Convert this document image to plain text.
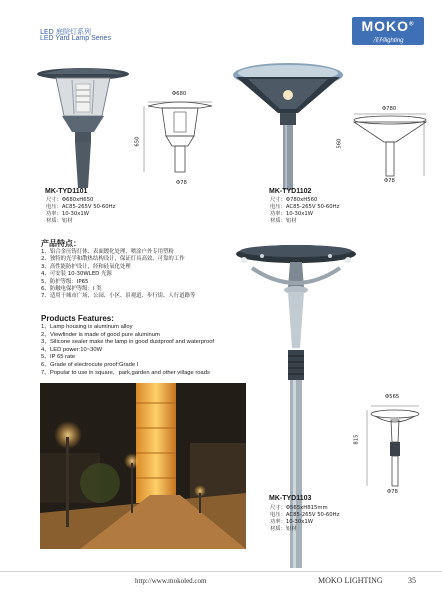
LED 庭院灯系列
LED Yard Lamp Series
MOKO®
茂科lighting
Φ680
650
Φ78
Φ780
560
Φ78
MK-TYD1101
尺寸：Φ680xH650
电压：AC85-265V 50-60Hz
功率：10-30x1W
材质：铝材
MK-TYD1102
尺寸：Φ780xH560
电压：AC85-265V 50-60Hz
功率：10-30x1W
材质：铝材
产品特点：
1、铝合金压铸灯体、表面镀化处理、喷涂户外专用塑粉
2、独特的光学和散热结构设计，保证灯具高效、可靠的工作
3、高性能防护设计，经和硅氧化处理
4、可安装 10-30WLED 光源
5、防护等级：IP65
6、防触电保护等级：I 类
7、适用于城市广场、公园、小区、景观道、步行街、人行道路等
Products Features:
1、Lamp housing is aluminum alloy
2、Viewfinder is made of good pure aluminum
3、Silicone sealer make the lamp in good dustproof and waterproof
4、LED power:10~30W
5、IP 65 rate
6、Grade of electrocute proof:Grade I
7、Popular to use in square，park,garden and other village roads
Φ565
815
Φ78
MK-TYD1103
尺寸：Φ565xH815mm
电压：AC85-265V 50-60Hz
功率：10-30x1W
材质：铝材
http://www.mokoled.com	MOKO LIGHTING	35
